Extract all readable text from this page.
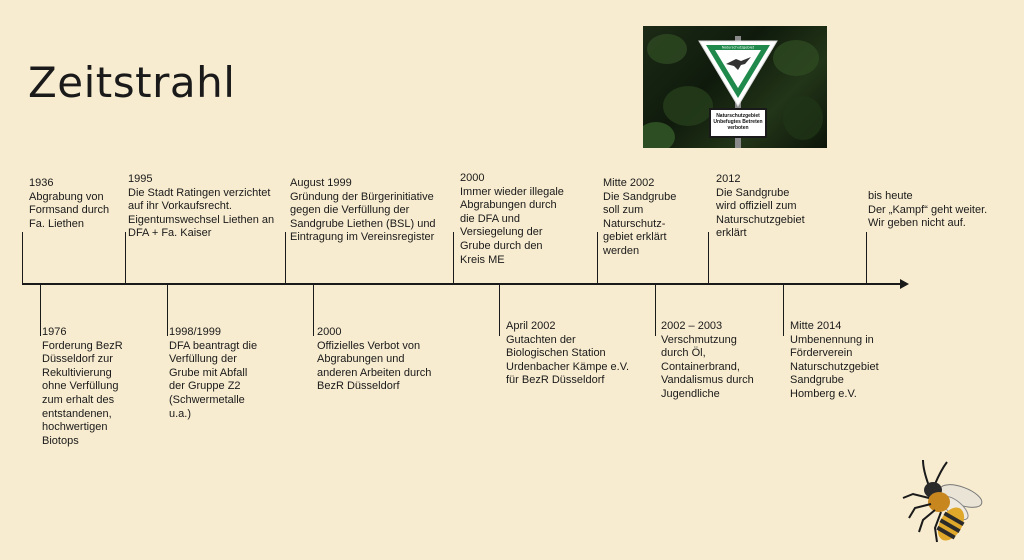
Zeitstrahl
Naturschutzgebiet
Naturschutzgebiet
Unbefugtes Betreten
verboten
1936
Abgrabung von
Formsand durch
Fa. Liethen
1995
Die Stadt Ratingen verzichtet
auf ihr Vorkaufsrecht.
Eigentumswechsel Liethen an
DFA + Fa. Kaiser
August 1999
Gründung der Bürgerinitiative
gegen die Verfüllung der
Sandgrube Liethen (BSL) und
Eintragung im Vereinsregister
2000
Immer wieder illegale
Abgrabungen durch
die DFA und
Versiegelung der
Grube durch den
Kreis ME
Mitte 2002
Die Sandgrube
soll zum
Naturschutz-
gebiet erklärt
werden
2012
Die Sandgrube
wird offiziell zum
Naturschutzgebiet
erklärt
bis heute
Der „Kampf“ geht weiter.
Wir geben nicht auf.
1976
Forderung BezR
Düsseldorf zur
Rekultivierung
ohne Verfüllung
zum erhalt des
entstandenen,
hochwertigen
Biotops
1998/1999
DFA beantragt die
Verfüllung der
Grube mit Abfall
der Gruppe Z2
(Schwermetalle
u.a.)
2000
Offizielles Verbot von
Abgrabungen und
anderen Arbeiten durch
BezR Düsseldorf
April 2002
Gutachten der
Biologischen Station
Urdenbacher Kämpe e.V.
für BezR Düsseldorf
2002 – 2003
Verschmutzung
durch Öl,
Containerbrand,
Vandalismus durch
Jugendliche
Mitte 2014
Umbenennung in
Förderverein
Naturschutzgebiet
Sandgrube
Homberg e.V.
